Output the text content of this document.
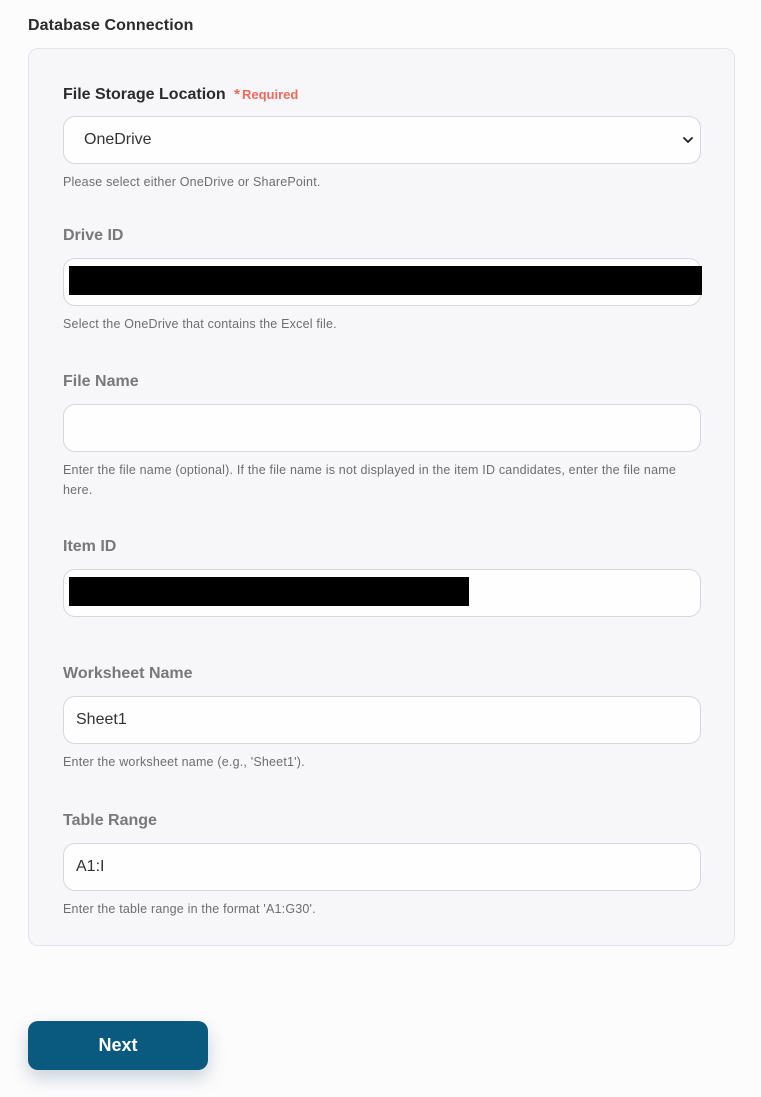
Database Connection
File Storage Location * Required
OneDrive
Please select either OneDrive or SharePoint.
Drive ID
Select the OneDrive that contains the Excel file.
File Name
Enter the file name (optional). If the file name is not displayed in the item ID candidates, enter the file name here.
Item ID
Worksheet Name
Sheet1
Enter the worksheet name (e.g., 'Sheet1').
Table Range
A1:I
Enter the table range in the format 'A1:G30'.
Next
